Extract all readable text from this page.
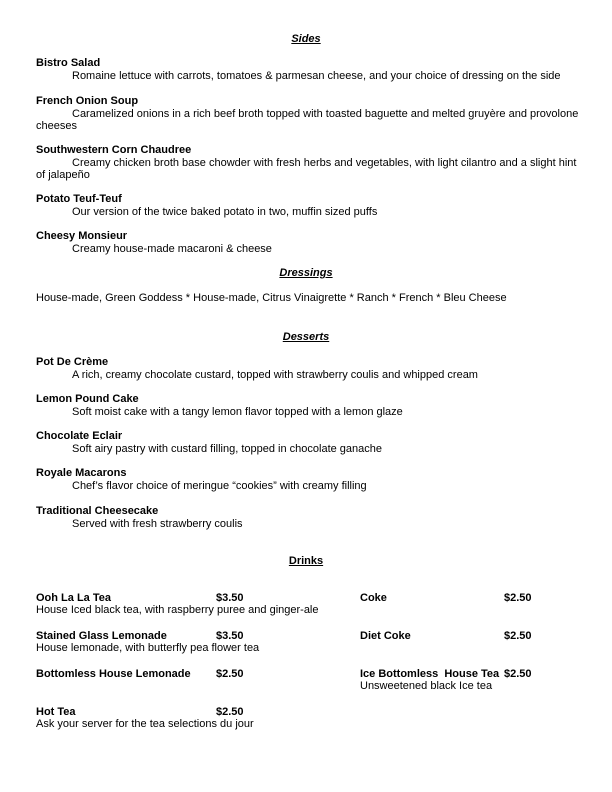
Sides
Bistro Salad
Romaine lettuce with carrots, tomatoes & parmesan cheese, and your choice of dressing on the side
French Onion Soup
Caramelized onions in a rich beef broth topped with toasted baguette and melted gruyère and provolone cheeses
Southwestern Corn Chaudree
Creamy chicken broth base chowder with fresh herbs and vegetables, with light cilantro and a slight hint of jalapeño
Potato Teuf-Teuf
Our version of the twice baked potato in two, muffin sized puffs
Cheesy Monsieur
Creamy house-made macaroni & cheese
Dressings
House-made, Green Goddess * House-made, Citrus Vinaigrette * Ranch * French * Bleu Cheese
Desserts
Pot De Crème
A rich, creamy chocolate custard, topped with strawberry coulis and whipped cream
Lemon Pound Cake
Soft moist cake with a tangy lemon flavor topped with a lemon glaze
Chocolate Eclair
Soft airy pastry with custard filling, topped in chocolate ganache
Royale Macarons
Chef’s flavor choice of meringue “cookies” with creamy filling
Traditional Cheesecake
Served with fresh strawberry coulis
Drinks
Ooh La La Tea	$3.50
House Iced black tea, with raspberry puree and ginger-ale
Stained Glass Lemonade	$3.50
House lemonade, with butterfly pea flower tea
Bottomless House Lemonade $2.50
Hot Tea	$2.50
Ask your server for the tea selections du jour
Coke	$2.50
Diet Coke	$2.50
Ice Bottomless  House Tea $2.50
Unsweetened black Ice tea
